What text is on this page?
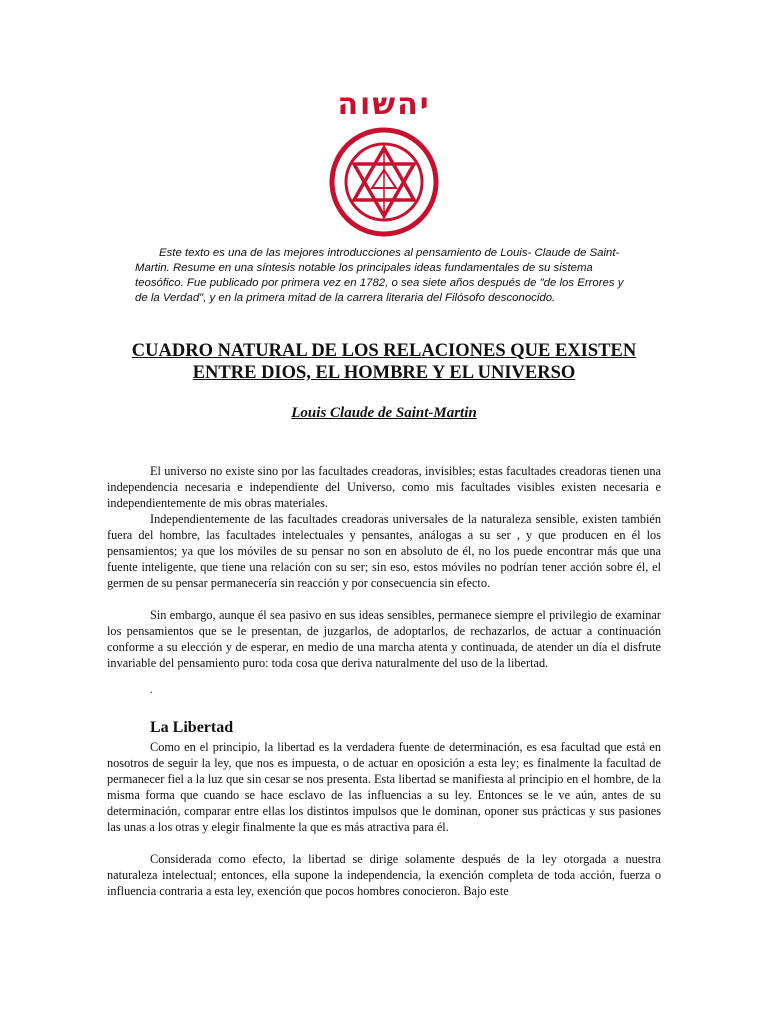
יהשוה

Este texto es una de las mejores introducciones al pensamiento de Louis- Claude de Saint-Martin. Resume en una síntesis notable los principales ideas fundamentales de su sistema teosófico. Fue publicado por primera vez en 1782, o sea siete años después de "de los Errores y de la Verdad", y en la primera mitad de la carrera literaria del Filósofo desconocido.

CUADRO NATURAL DE LOS RELACIONES QUE EXISTEN
ENTRE DIOS, EL HOMBRE Y EL UNIVERSO

Louis Claude de Saint-Martin

El universo no existe sino por las facultades creadoras, invisibles; estas facultades creadoras tienen una independencia necesaria e independiente del Universo, como mis facultades visibles existen necesaria e independientemente de mis obras materiales.

Independientemente de las facultades creadoras universales de la naturaleza sensible, existen también fuera del hombre, las facultades intelectuales y pensantes, análogas a su ser , y que producen en él los pensamientos; ya que los móviles de su pensar no son en absoluto de él, no los puede encontrar más que una fuente inteligente, que tiene una relación con su ser; sin eso, estos móviles no podrían tener acción sobre él, el germen de su pensar permanecería sin reacción y por consecuencia sin efecto.

Sin embargo, aunque él sea pasivo en sus ideas sensibles, permanece siempre el privilegio de examinar los pensamientos que se le presentan, de juzgarlos, de adoptarlos, de rechazarlos, de actuar a continuación conforme a su elección y de esperar, en medio de una marcha atenta y continuada, de atender un día el disfrute invariable del pensamiento puro: toda cosa que deriva naturalmente del uso de la libertad.

.

La Libertad

Como en el principio, la libertad es la verdadera fuente de determinación, es esa facultad que está en nosotros de seguir la ley, que nos es impuesta, o de actuar en oposición a esta ley; es finalmente la facultad de permanecer fiel a la luz que sin cesar se nos presenta. Esta libertad se manifiesta al principio en el hombre, de la misma forma que cuando se hace esclavo de las influencias a su ley. Entonces se le ve aún, antes de su determinación, comparar entre ellas los distintos impulsos que le dominan, oponer sus prácticas y sus pasiones las unas a los otras y elegir finalmente la que es más atractiva para él.

Considerada como efecto, la libertad se dirige solamente después de la ley otorgada a nuestra naturaleza intelectual; entonces, ella supone la independencia, la exención completa de toda acción, fuerza o influencia contraria a esta ley, exención que pocos hombres conocieron. Bajo este
